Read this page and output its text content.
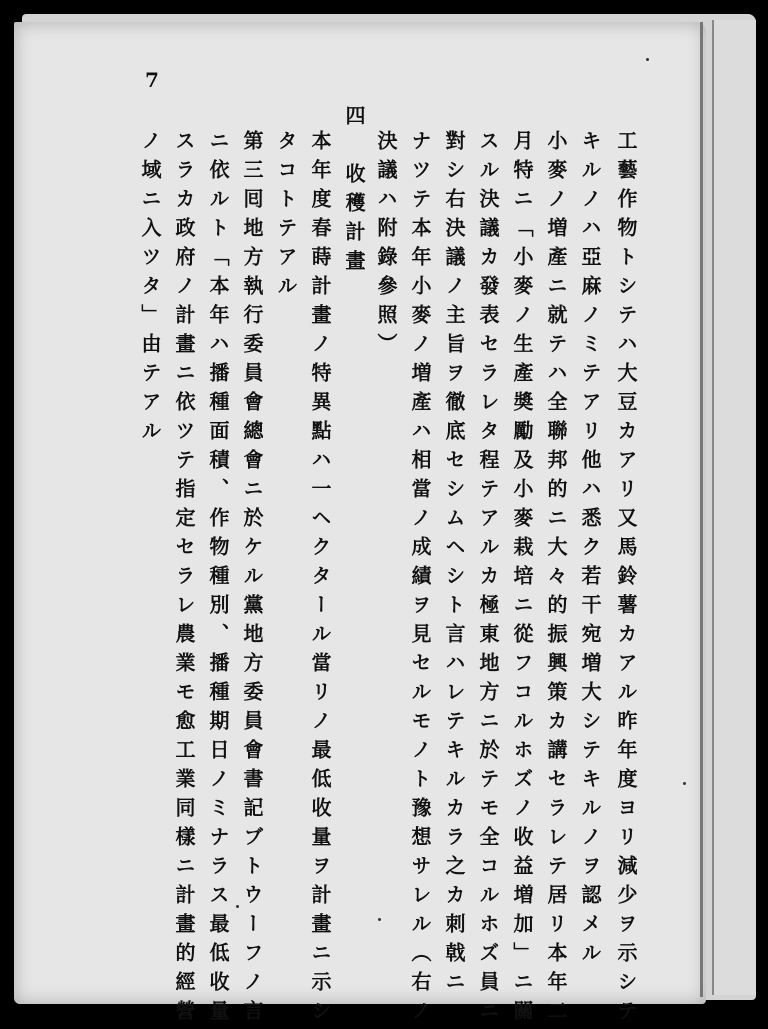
7
工藝作物トシテハ大豆カアリ又馬鈴薯カアル昨年度ヨリ減少ヲ示シテ
キルノハ亞麻ノミテアリ他ハ悉ク若干宛増大シテキルノヲ認メル
小麥ノ増產ニ就テハ全聯邦的ニ大々的振興策カ講セラレテ居リ本年二
月特ニ「小麥ノ生產奬勵及小麥栽培ニ從フコルホズノ收益増加」ニ關
スル決議カ發表セラレタ程テアルカ極東地方ニ於テモ全コルホズ員ニ
對シ右決議ノ主旨ヲ徹底セシムヘシト言ハレテキルカラ之カ刺戟ニ
ナツテ本年小麥ノ増產ハ相當ノ成績ヲ見セルモノト豫想サレル（右ノ
決議ハ附錄參照）
四　收穫計畫
本年度春蒔計畫ノ特異點ハ一ヘクタール當リノ最低收量ヲ計畫ニ示シ
タコトテアル
第三囘地方執行委員會總會ニ於ケル黨地方委員會書記ブトウーフノ言
ニ依ルト「本年ハ播種面積、作物種別、播種期日ノミナラス最低收量
スラカ政府ノ計畫ニ依ツテ指定セラレ農業モ愈工業同樣ニ計畫的經營
ノ域ニ入ツタ」由テアル
